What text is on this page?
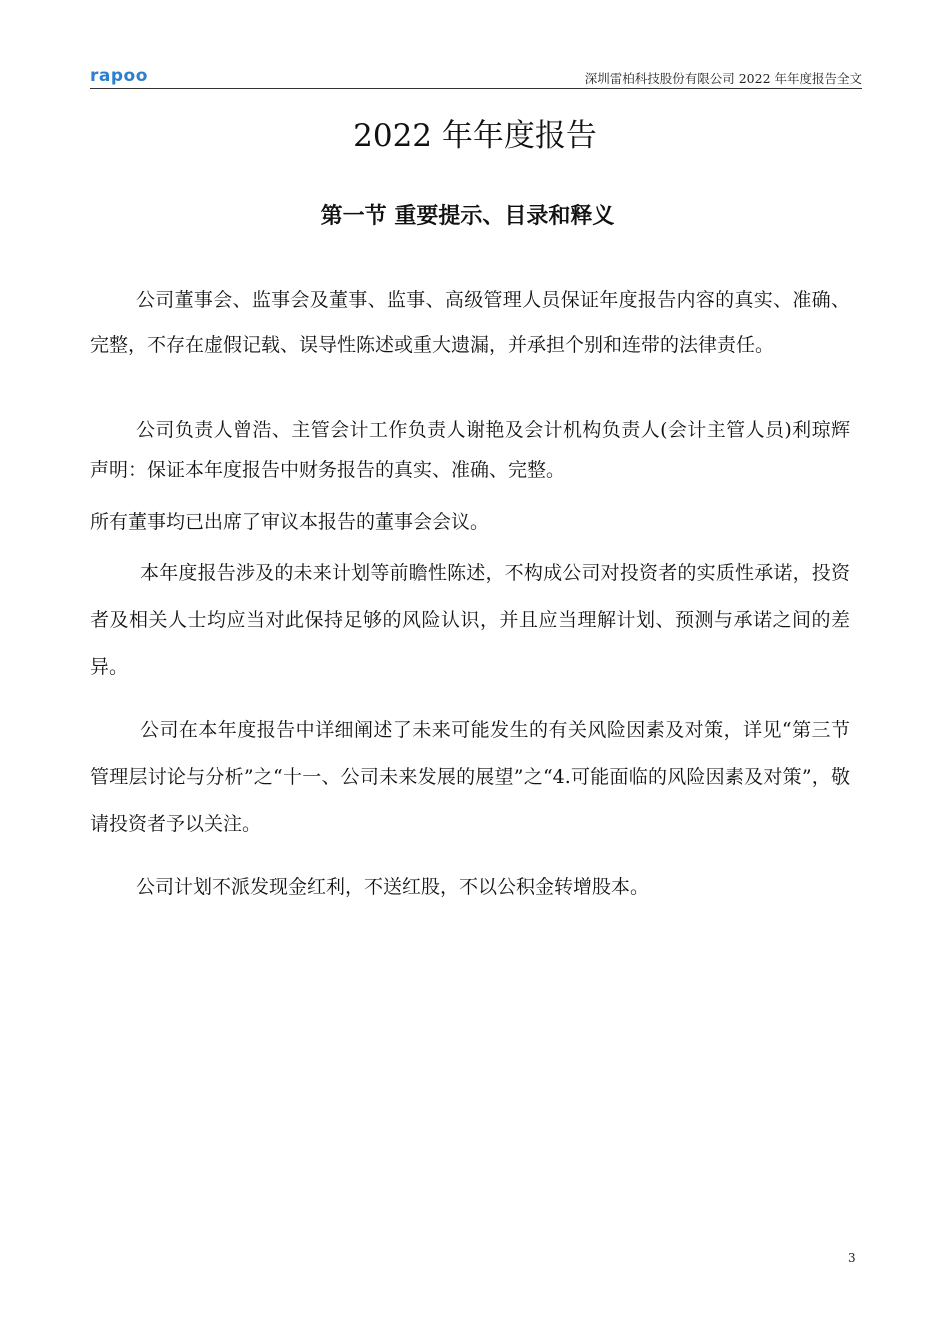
rapoo	深圳雷柏科技股份有限公司 2022 年年度报告全文
2022 年年度报告
第一节 重要提示、目录和释义

公司董事会、监事会及董事、监事、高级管理人员保证年度报告内容的真实、准确、完整，不存在虚假记载、误导性陈述或重大遗漏，并承担个别和连带的法律责任。

公司负责人曾浩、主管会计工作负责人谢艳及会计机构负责人(会计主管人员)利琼辉声明：保证本年度报告中财务报告的真实、准确、完整。

所有董事均已出席了审议本报告的董事会会议。

本年度报告涉及的未来计划等前瞻性陈述，不构成公司对投资者的实质性承诺，投资者及相关人士均应当对此保持足够的风险认识，并且应当理解计划、预测与承诺之间的差异。

公司在本年度报告中详细阐述了未来可能发生的有关风险因素及对策，详见“第三节管理层讨论与分析”之“十一、公司未来发展的展望”之“4.可能面临的风险因素及对策”，敬请投资者予以关注。

公司计划不派发现金红利，不送红股，不以公积金转增股本。

3
